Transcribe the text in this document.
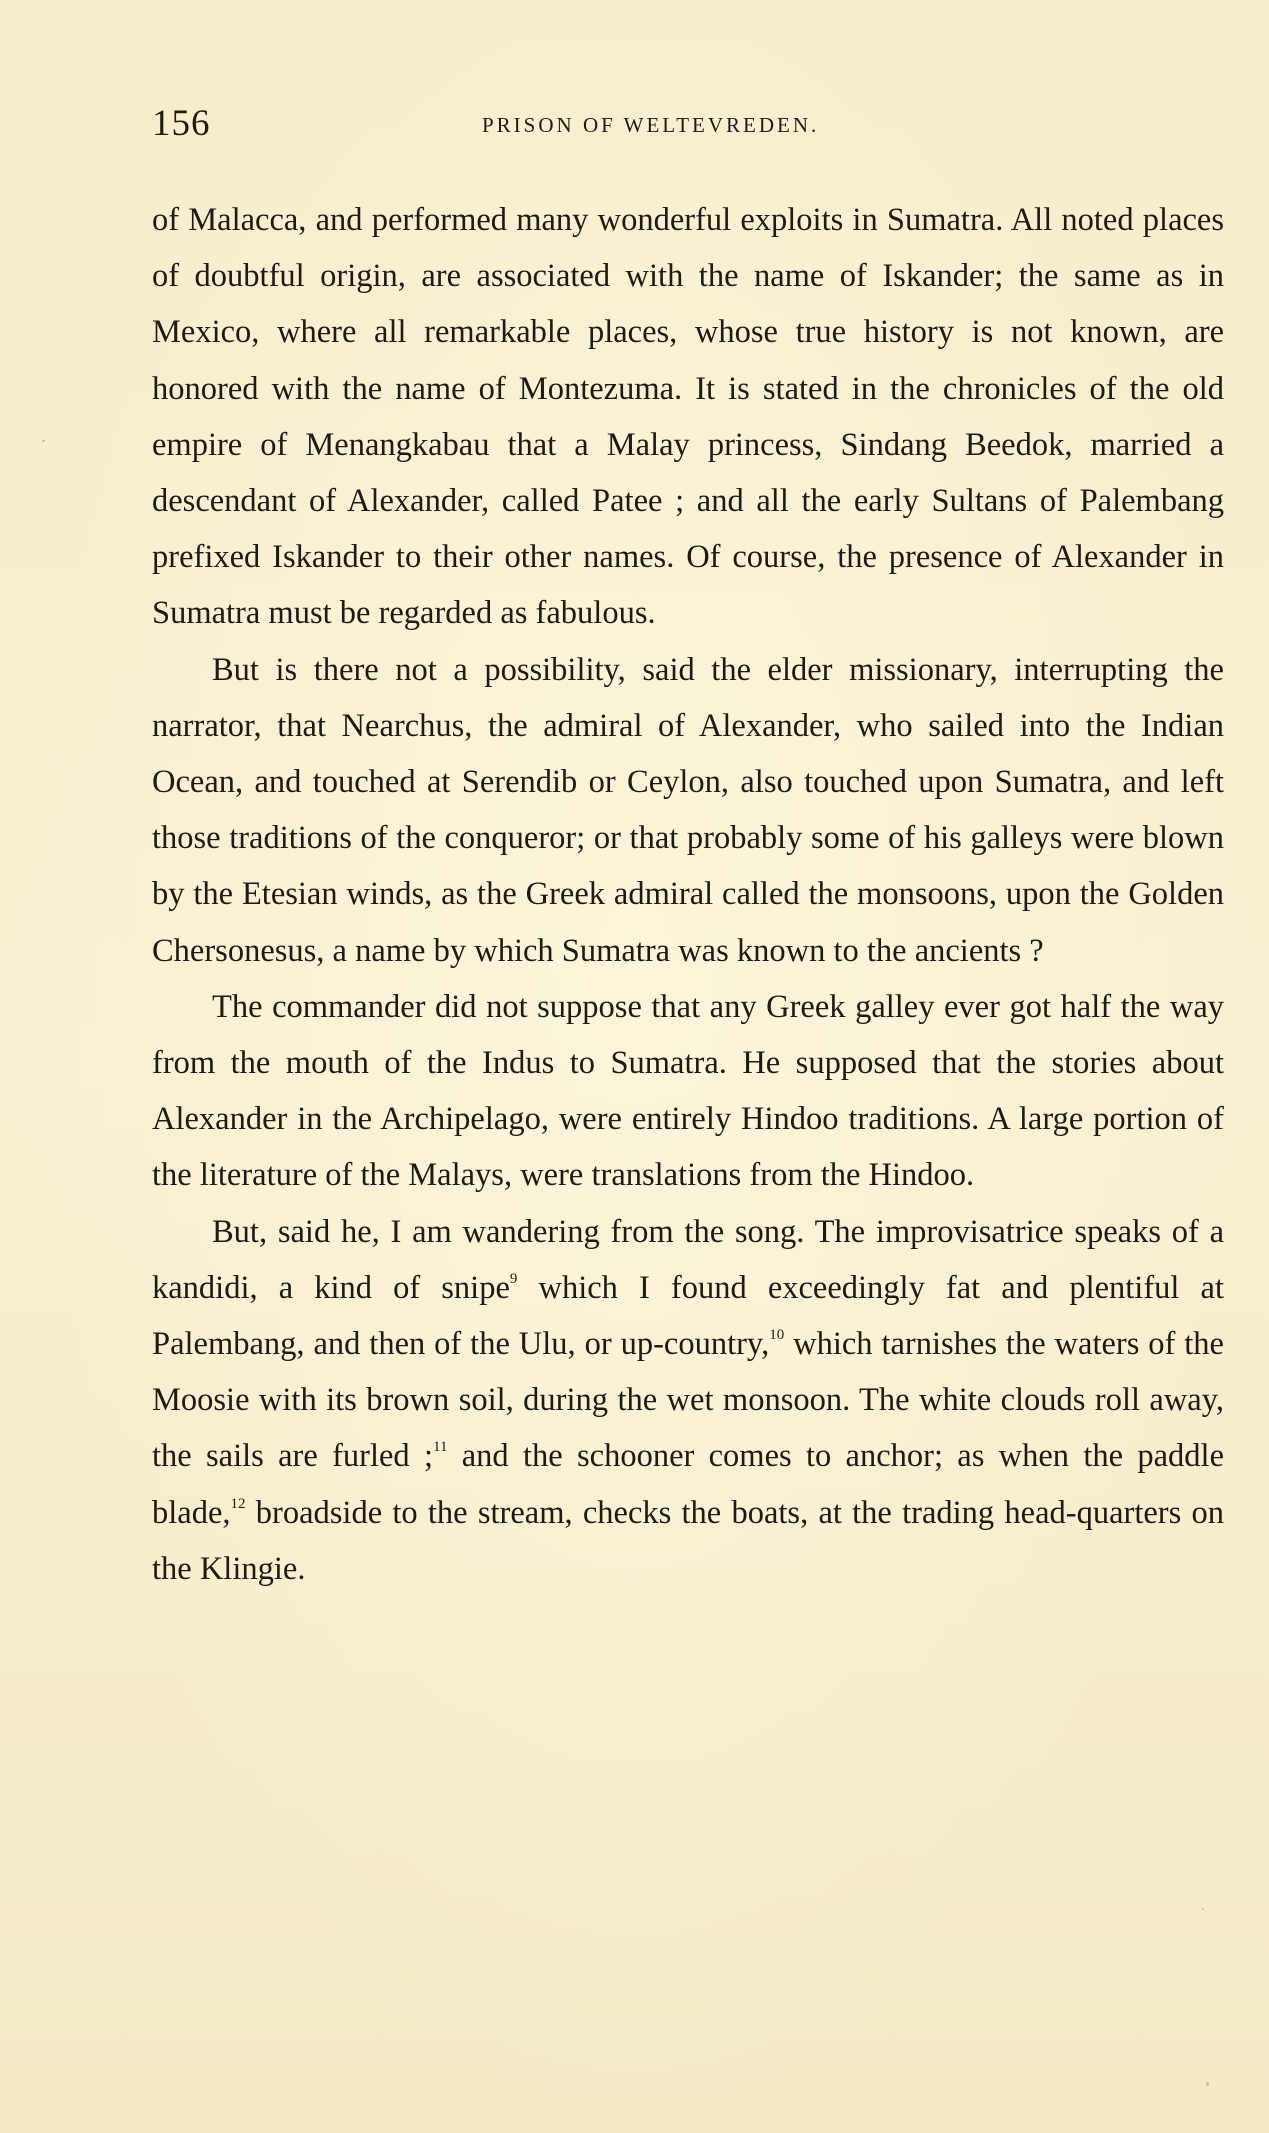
156	PRISON OF WELTEVREDEN.

of Malacca, and performed many wonderful exploits in Sumatra. All noted places of doubtful origin, are associated with the name of Iskander; the same as in Mexico, where all remarkable places, whose true history is not known, are honored with the name of Montezuma. It is stated in the chronicles of the old empire of Menangkabau that a Malay princess, Sindang Beedok, married a descendant of Alexander, called Patee ; and all the early Sultans of Palembang prefixed Iskander to their other names. Of course, the presence of Alexander in Sumatra must be regarded as fabulous.

But is there not a possibility, said the elder missionary, interrupting the narrator, that Nearchus, the admiral of Alexander, who sailed into the Indian Ocean, and touched at Serendib or Ceylon, also touched upon Sumatra, and left those traditions of the conqueror; or that probably some of his galleys were blown by the Etesian winds, as the Greek admiral called the monsoons, upon the Golden Chersonesus, a name by which Sumatra was known to the ancients ?

The commander did not suppose that any Greek galley ever got half the way from the mouth of the Indus to Sumatra. He supposed that the stories about Alexander in the Archipelago, were entirely Hindoo traditions. A large portion of the literature of the Malays, were translations from the Hindoo.

But, said he, I am wandering from the song. The improvisatrice speaks of a kandidi, a kind of snipe$^9$ which I found exceedingly fat and plentiful at Palembang, and then of the Ulu, or up-country,$^{10}$ which tarnishes the waters of the Moosie with its brown soil, during the wet monsoon. The white clouds roll away, the sails are furled ;$^{11}$ and the schooner comes to anchor; as when the paddle blade,$^{12}$ broadside to the stream, checks the boats, at the trading head-quarters on the Klingie.
